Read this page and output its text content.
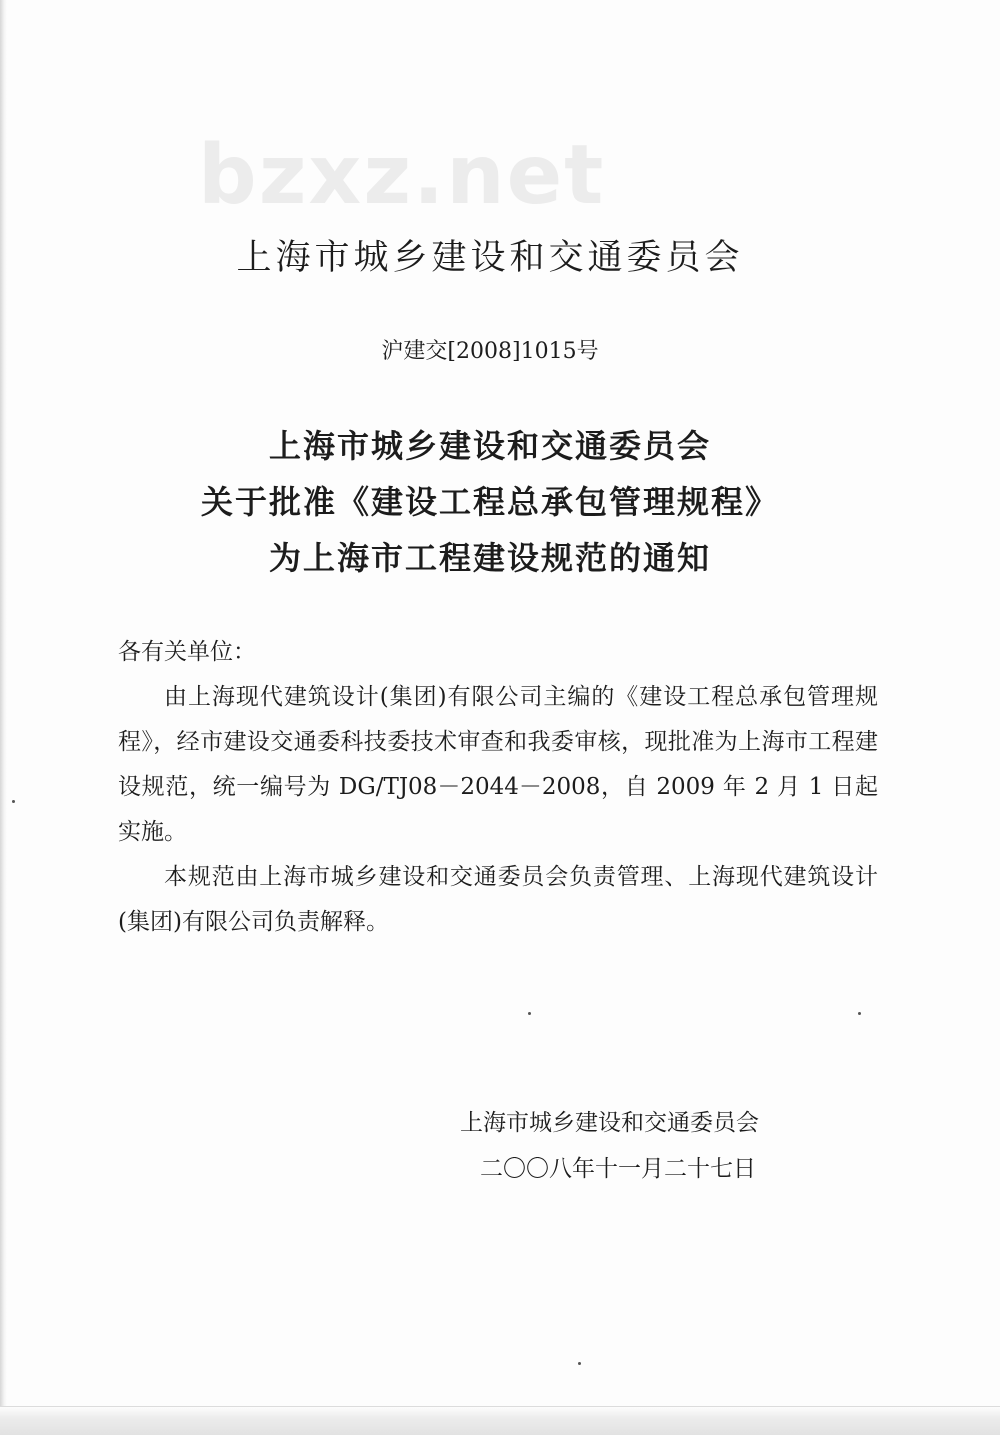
bzxz.net
上海市城乡建设和交通委员会
沪建交[2008]1015号
上海市城乡建设和交通委员会
关于批准《建设工程总承包管理规程》
为上海市工程建设规范的通知

各有关单位：

由上海现代建筑设计(集团)有限公司主编的《建设工程总承包管理规程》，经市建设交通委科技委技术审查和我委审核，现批准为上海市工程建设规范，统一编号为 DG/TJ08－2044－2008，自 2009 年 2 月 1 日起实施。

本规范由上海市城乡建设和交通委员会负责管理、上海现代建筑设计(集团)有限公司负责解释。

上海市城乡建设和交通委员会
二〇〇八年十一月二十七日
